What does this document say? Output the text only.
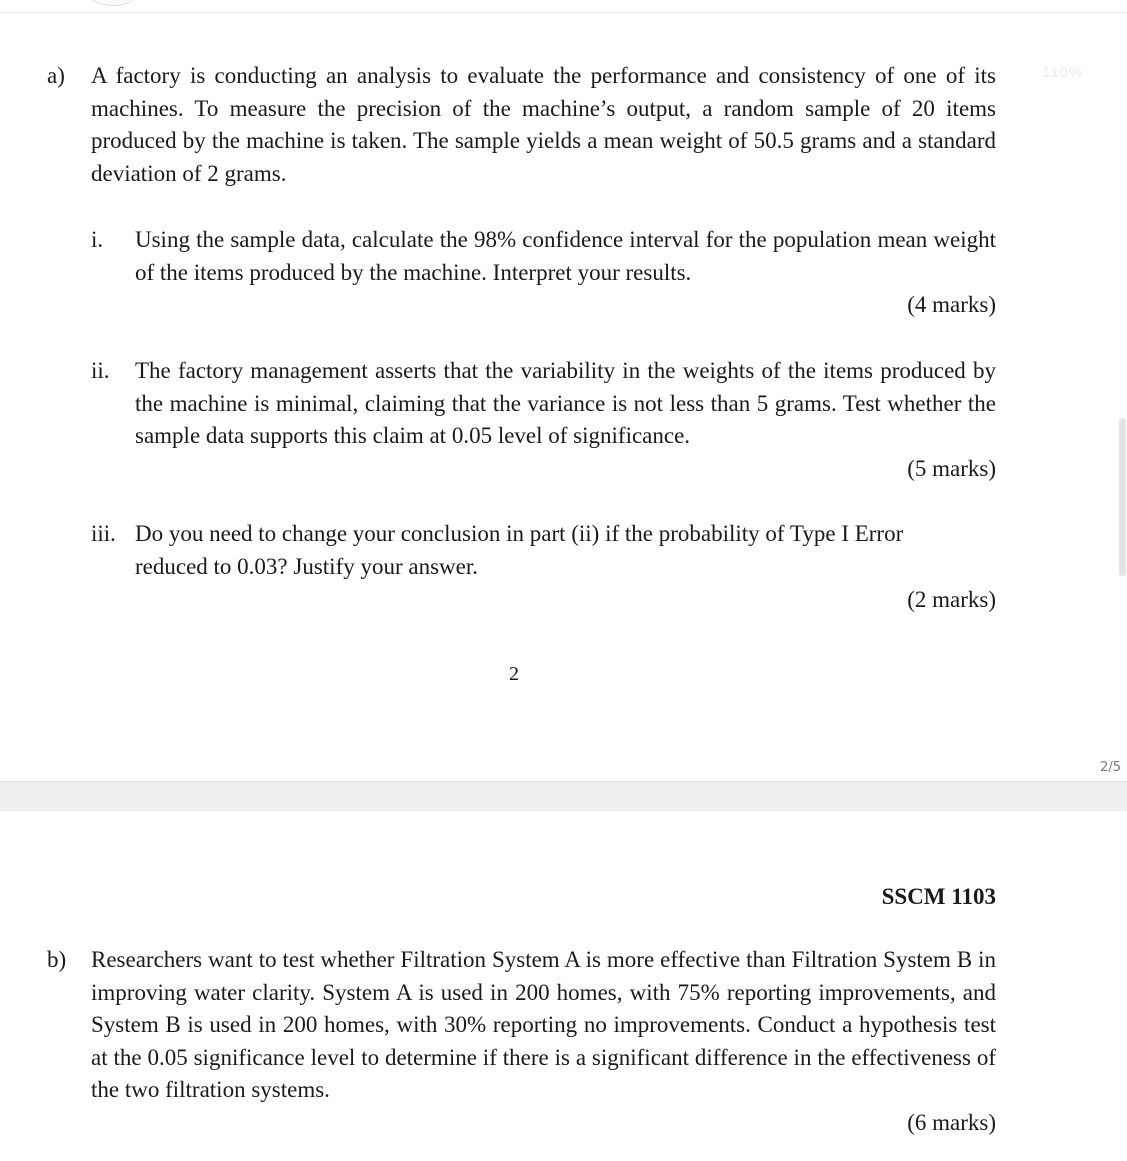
110%
a) A factory is conducting an analysis to evaluate the performance and consistency of one of its machines. To measure the precision of the machine’s output, a random sample of 20 items produced by the machine is taken. The sample yields a mean weight of 50.5 grams and a standard deviation of 2 grams.

i. Using the sample data, calculate the 98% confidence interval for the population mean weight of the items produced by the machine. Interpret your results.

(4 marks)
ii. The factory management asserts that the variability in the weights of the items produced by the machine is minimal, claiming that the variance is not less than 5 grams. Test whether the sample data supports this claim at 0.05 level of significance.

(5 marks)
iii. Do you need to change your conclusion in part (ii) if the probability of Type I Error reduced to 0.03? Justify your answer.

(2 marks)
2
2/5
SSCM 1103
b) Researchers want to test whether Filtration System A is more effective than Filtration System B in improving water clarity. System A is used in 200 homes, with 75% reporting improvements, and System B is used in 200 homes, with 30% reporting no improvements. Conduct a hypothesis test at the 0.05 significance level to determine if there is a significant difference in the effectiveness of the two filtration systems.

(6 marks)
